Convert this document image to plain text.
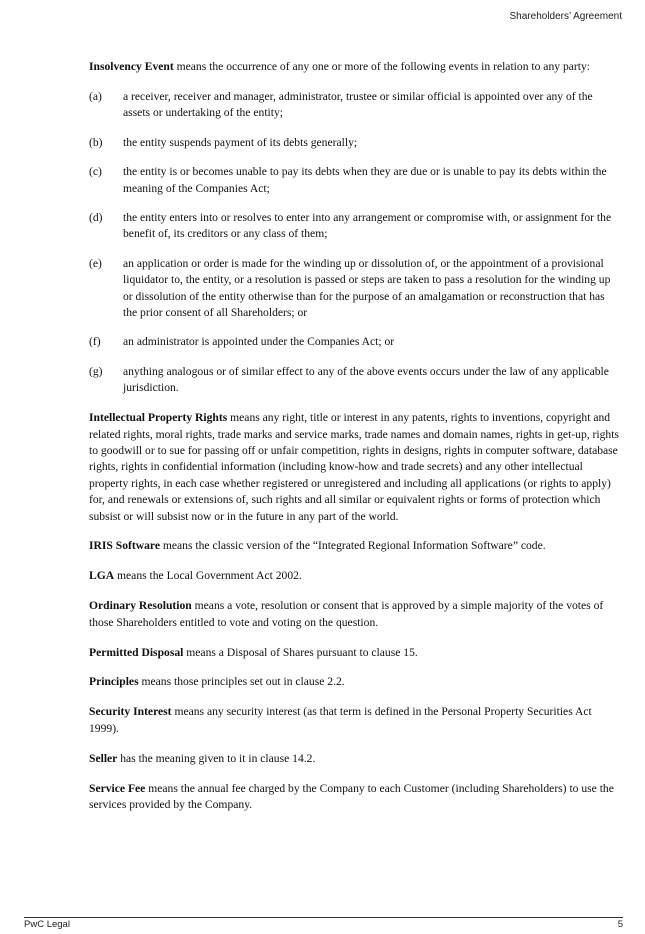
Shareholders’ Agreement

Insolvency Event means the occurrence of any one or more of the following events in relation to any party:

(a)	a receiver, receiver and manager, administrator, trustee or similar official is appointed over any of the assets or undertaking of the entity;
(b)	the entity suspends payment of its debts generally;
(c)	the entity is or becomes unable to pay its debts when they are due or is unable to pay its debts within the meaning of the Companies Act;
(d)	the entity enters into or resolves to enter into any arrangement or compromise with, or assignment for the benefit of, its creditors or any class of them;
(e)	an application or order is made for the winding up or dissolution of, or the appointment of a provisional liquidator to, the entity, or a resolution is passed or steps are taken to pass a resolution for the winding up or dissolution of the entity otherwise than for the purpose of an amalgamation or reconstruction that has the prior consent of all Shareholders; or
(f)	an administrator is appointed under the Companies Act; or
(g)	anything analogous or of similar effect to any of the above events occurs under the law of any applicable jurisdiction.

Intellectual Property Rights means any right, title or interest in any patents, rights to inventions, copyright and related rights, moral rights, trade marks and service marks, trade names and domain names, rights in get-up, rights to goodwill or to sue for passing off or unfair competition, rights in designs, rights in computer software, database rights, rights in confidential information (including know-how and trade secrets) and any other intellectual property rights, in each case whether registered or unregistered and including all applications (or rights to apply) for, and renewals or extensions of, such rights and all similar or equivalent rights or forms of protection which subsist or will subsist now or in the future in any part of the world.

IRIS Software means the classic version of the “Integrated Regional Information Software” code.

LGA means the Local Government Act 2002.

Ordinary Resolution means a vote, resolution or consent that is approved by a simple majority of the votes of those Shareholders entitled to vote and voting on the question.

Permitted Disposal means a Disposal of Shares pursuant to clause 15.

Principles means those principles set out in clause 2.2.

Security Interest means any security interest (as that term is defined in the Personal Property Securities Act 1999).

Seller has the meaning given to it in clause 14.2.

Service Fee means the annual fee charged by the Company to each Customer (including Shareholders) to use the services provided by the Company.

PwC Legal	5
